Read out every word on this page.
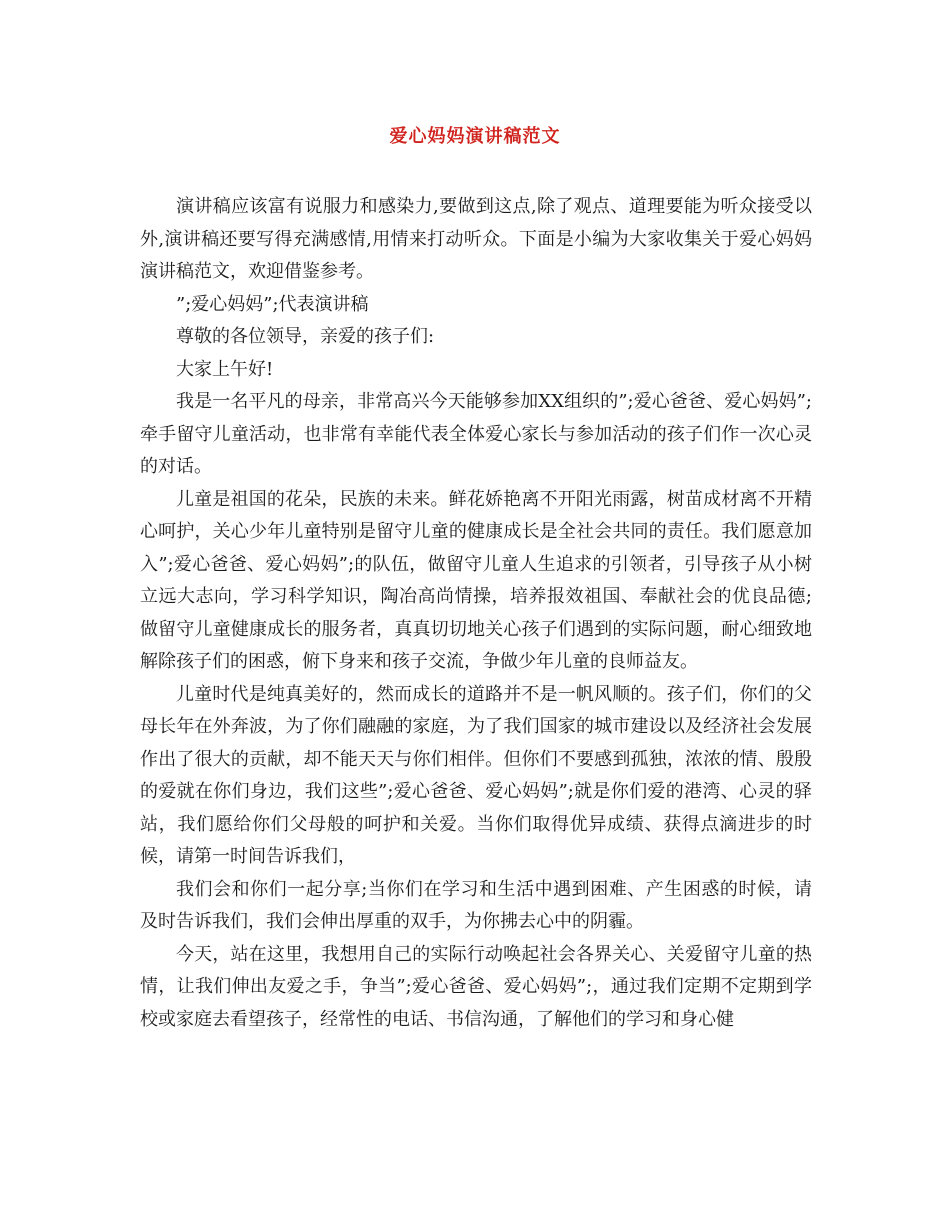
爱心妈妈演讲稿范文

演讲稿应该富有说服力和感染力,要做到这点,除了观点、道理要能为听众接受以外,演讲稿还要写得充满感情,用情来打动听众。下面是小编为大家收集关于爱心妈妈演讲稿范文，欢迎借鉴参考。

”;爱心妈妈”;代表演讲稿

尊敬的各位领导，亲爱的孩子们:

大家上午好!

我是一名平凡的母亲，非常高兴今天能够参加XX组织的”;爱心爸爸、爱心妈妈”;牵手留守儿童活动，也非常有幸能代表全体爱心家长与参加活动的孩子们作一次心灵的对话。

儿童是祖国的花朵，民族的未来。鲜花娇艳离不开阳光雨露，树苗成材离不开精心呵护，关心少年儿童特别是留守儿童的健康成长是全社会共同的责任。我们愿意加入”;爱心爸爸、爱心妈妈”;的队伍，做留守儿童人生追求的引领者，引导孩子从小树立远大志向，学习科学知识，陶冶高尚情操，培养报效祖国、奉献社会的优良品德;做留守儿童健康成长的服务者，真真切切地关心孩子们遇到的实际问题，耐心细致地解除孩子们的困惑，俯下身来和孩子交流，争做少年儿童的良师益友。

儿童时代是纯真美好的，然而成长的道路并不是一帆风顺的。孩子们，你们的父母长年在外奔波，为了你们融融的家庭，为了我们国家的城市建设以及经济社会发展作出了很大的贡献，却不能天天与你们相伴。但你们不要感到孤独，浓浓的情、殷殷的爱就在你们身边，我们这些”;爱心爸爸、爱心妈妈”;就是你们爱的港湾、心灵的驿站，我们愿给你们父母般的呵护和关爱。当你们取得优异成绩、获得点滴进步的时候，请第一时间告诉我们，

我们会和你们一起分享;当你们在学习和生活中遇到困难、产生困惑的时候，请及时告诉我们，我们会伸出厚重的双手，为你拂去心中的阴霾。

今天，站在这里，我想用自己的实际行动唤起社会各界关心、关爱留守儿童的热情，让我们伸出友爱之手，争当”;爱心爸爸、爱心妈妈”;，通过我们定期不定期到学校或家庭去看望孩子，经常性的电话、书信沟通，了解他们的学习和身心健
